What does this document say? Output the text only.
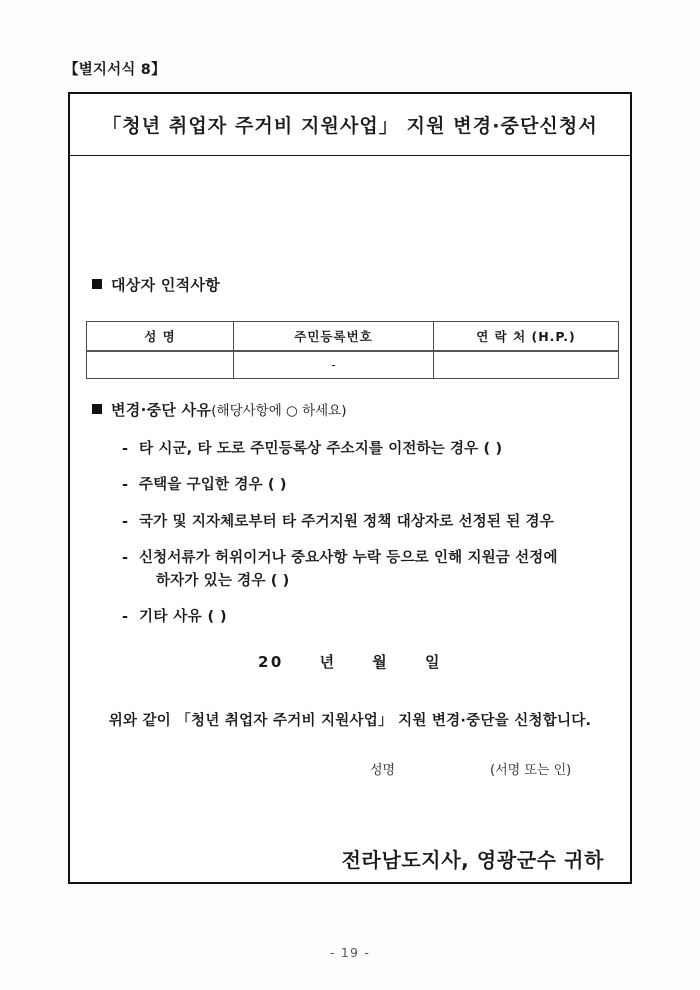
【별지서식 8】
「청년 취업자 주거비 지원사업」 지원 변경·중단신청서
대상자 인적사항
성 명	주민등록번호	연 락 처 (H.P.)
	-	
변경·중단 사유 (해당사항에 ○ 하세요)
- 타 시군, 타 도로 주민등록상 주소지를 이전하는 경우 ( )
- 주택을 구입한 경우 ( )
- 국가 및 지자체로부터 타 주거지원 정책 대상자로 선정된 된 경우
- 신청서류가 허위이거나 중요사항 누락 등으로 인해 지원금 선정에
하자가 있는 경우 ( )
- 기타 사유 ( )
20 년 월 일
위와 같이 「청년 취업자 주거비 지원사업」 지원 변경·중단을 신청합니다.
성명	(서명 또는 인)
전라남도지사, 영광군수 귀하
- 19 -
